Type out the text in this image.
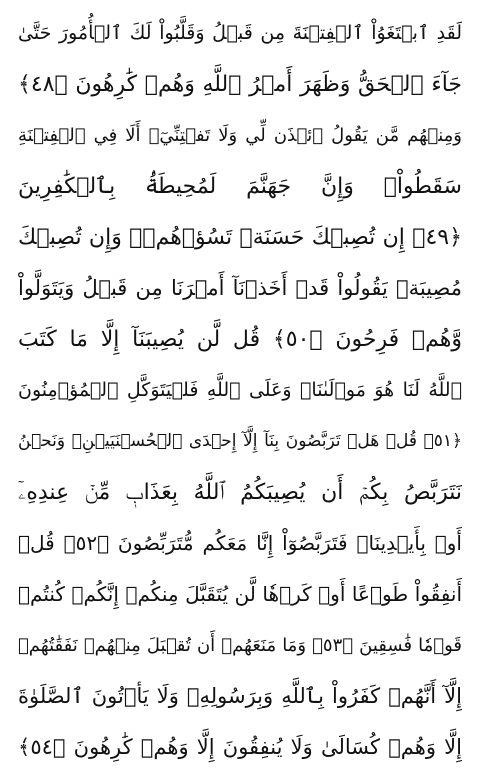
لَقَدِ ٱبۡتَغَوُاْ ٱلۡفِتۡنَةَ مِن قَبۡلُ وَقَلَّبُواْ لَكَ ٱلۡأُمُورَ حَتَّىٰ
جَآءَ ٱلۡحَقُّ وَظَهَرَ أَمۡرُ ٱللَّهِ وَهُمۡ كَٰرِهُونَ ﴿٤٨﴾
وَمِنۡهُم مَّن يَقُولُ ٱئۡذَن لِّي وَلَا تَفۡتِنِّيٓۚ أَلَا فِي ٱلۡفِتۡنَةِ
سَقَطُواْۗ وَإِنَّ جَهَنَّمَ لَمُحِيطَةُۢ بِٱلۡكَٰفِرِينَ
﴿٤٩﴾ إِن تُصِبۡكَ حَسَنَةٞ تَسُؤۡهُمۡۖ وَإِن تُصِبۡكَ
مُصِيبَةٞ يَقُولُواْ قَدۡ أَخَذۡنَآ أَمۡرَنَا مِن قَبۡلُ وَيَتَوَلَّواْ
وَّهُمۡ فَرِحُونَ ﴿٥٠﴾ قُل لَّن يُصِيبَنَآ إِلَّا مَا كَتَبَ
ٱللَّهُ لَنَا هُوَ مَوۡلَىٰنَاۚ وَعَلَى ٱللَّهِ فَلۡيَتَوَكَّلِ ٱلۡمُؤۡمِنُونَ
﴿٥١﴾ قُلۡ هَلۡ تَرَبَّصُونَ بِنَآ إِلَّآ إِحۡدَى ٱلۡحُسۡنَيَيۡنِۖ وَنَحۡنُ
نَتَرَبَّصُ بِكُمۡ أَن يُصِيبَكُمُ ٱللَّهُ بِعَذَابٖ مِّنۡ عِندِهِۦٓ
أَوۡ بِأَيۡدِينَاۖ فَتَرَبَّصُوٓاْ إِنَّا مَعَكُم مُّتَرَبِّصُونَ ﴿٥٢﴾ قُلۡ
أَنفِقُواْ طَوۡعًا أَوۡ كَرۡهٗا لَّن يُتَقَبَّلَ مِنكُمۡ إِنَّكُمۡ كُنتُمۡ
قَوۡمٗا فَٰسِقِينَ ﴿٥٣﴾ وَمَا مَنَعَهُمۡ أَن تُقۡبَلَ مِنۡهُمۡ نَفَقَٰتُهُمۡ
إِلَّآ أَنَّهُمۡ كَفَرُواْ بِٱللَّهِ وَبِرَسُولِهِۦ وَلَا يَأۡتُونَ ٱلصَّلَوٰةَ
إِلَّا وَهُمۡ كُسَالَىٰ وَلَا يُنفِقُونَ إِلَّا وَهُمۡ كَٰرِهُونَ ﴿٥٤﴾
